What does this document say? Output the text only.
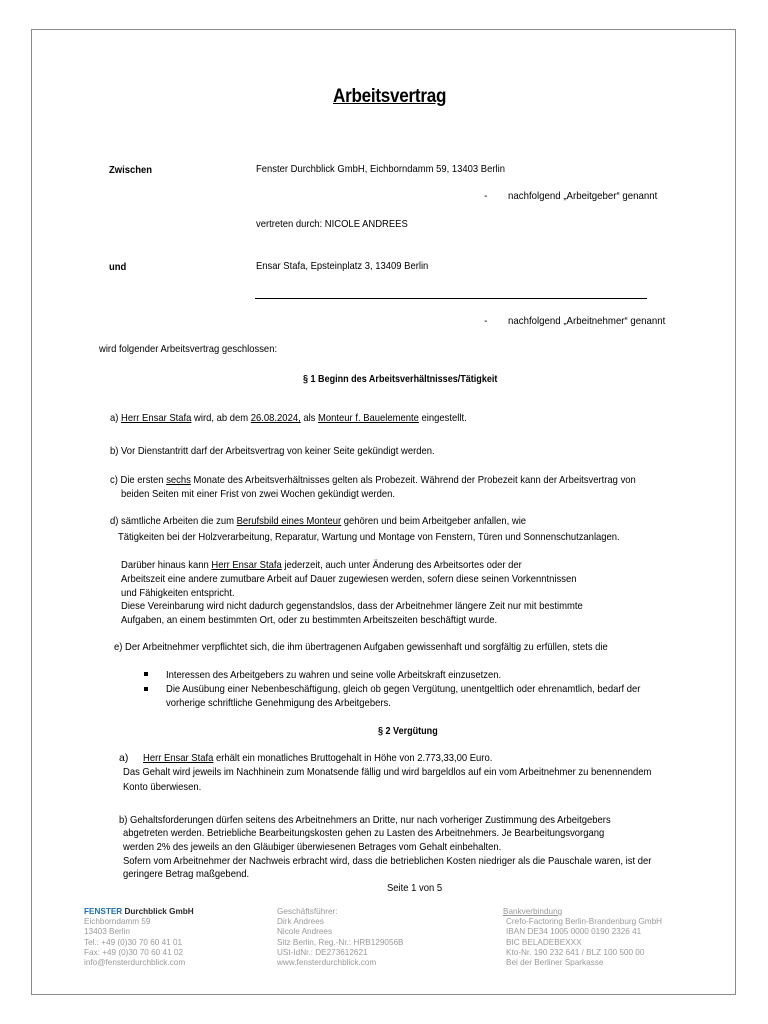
Arbeitsvertrag
Zwischen	Fenster Durchblick GmbH, Eichborndamm 59, 13403 Berlin
- nachfolgend „Arbeitgeber“ genannt
vertreten durch: NICOLE ANDREES
und	Ensar Stafa, Epsteinplatz 3, 13409 Berlin
- nachfolgend „Arbeitnehmer“ genannt
wird folgender Arbeitsvertrag geschlossen:
§ 1 Beginn des Arbeitsverhältnisses/Tätigkeit
a) Herr Ensar Stafa wird, ab dem 26.08.2024, als Monteur f. Bauelemente eingestellt.
b) Vor Dienstantritt darf der Arbeitsvertrag von keiner Seite gekündigt werden.
c) Die ersten sechs Monate des Arbeitsverhältnisses gelten als Probezeit. Während der Probezeit kann der Arbeitsvertrag von
beiden Seiten mit einer Frist von zwei Wochen gekündigt werden.
d) sämtliche Arbeiten die zum Berufsbild eines Monteur gehören und beim Arbeitgeber anfallen, wie
Tätigkeiten bei der Holzverarbeitung, Reparatur, Wartung und Montage von Fenstern, Türen und Sonnenschutzanlagen.
Darüber hinaus kann Herr Ensar Stafa jederzeit, auch unter Änderung des Arbeitsortes oder der
Arbeitszeit eine andere zumutbare Arbeit auf Dauer zugewiesen werden, sofern diese seinen Vorkenntnissen
und Fähigkeiten entspricht.
Diese Vereinbarung wird nicht dadurch gegenstandslos, dass der Arbeitnehmer längere Zeit nur mit bestimmte
Aufgaben, an einem bestimmten Ort, oder zu bestimmten Arbeitszeiten beschäftigt wurde.
e) Der Arbeitnehmer verpflichtet sich, die ihm übertragenen Aufgaben gewissenhaft und sorgfältig zu erfüllen, stets die
Interessen des Arbeitgebers zu wahren und seine volle Arbeitskraft einzusetzen.
Die Ausübung einer Nebenbeschäftigung, gleich ob gegen Vergütung, unentgeltlich oder ehrenamtlich, bedarf der
vorherige schriftliche Genehmigung des Arbeitgebers.
§ 2 Vergütung
a) Herr Ensar Stafa erhält ein monatliches Bruttogehalt in Höhe von 2.773,33,00 Euro.
Das Gehalt wird jeweils im Nachhinein zum Monatsende fällig und wird bargeldlos auf ein vom Arbeitnehmer zu benennendem
Konto überwiesen.
b) Gehaltsforderungen dürfen seitens des Arbeitnehmers an Dritte, nur nach vorheriger Zustimmung des Arbeitgebers
abgetreten werden. Betriebliche Bearbeitungskosten gehen zu Lasten des Arbeitnehmers. Je Bearbeitungsvorgang
werden 2% des jeweils an den Gläubiger überwiesenen Betrages vom Gehalt einbehalten.
Sofern vom Arbeitnehmer der Nachweis erbracht wird, dass die betrieblichen Kosten niedriger als die Pauschale waren, ist der
geringere Betrag maßgebend.
Seite 1 von 5
FENSTER Durchblick GmbH
Eichborndamm 59
13403 Berlin
Tel.: +49 (0)30 70 60 41 01
Fax: +49 (0)30 70 60 41 02
info@fensterdurchblick.com
Geschäftsführer:
Dirk Andrees
Nicole Andrees
Sitz Berlin, Reg.-Nr.: HRB129056B
USt-IdNr.: DE273612621
www.fensterdurchblick.com
Bankverbindung
Crefo-Factoring Berlin-Brandenburg GmbH
IBAN DE34 1005 0000 0190 2326 41
BIC BELADEBEXXX
Kto-Nr. 190 232 641 / BLZ 100 500 00
Bei der Berliner Sparkasse
